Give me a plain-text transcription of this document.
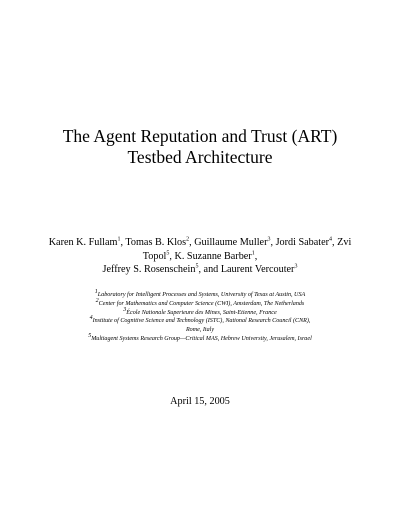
The Agent Reputation and Trust (ART)
Testbed Architecture
Karen K. Fullam$^1$, Tomas B. Klos$^2$, Guillaume Muller$^3$, Jordi Sabater$^4$, Zvi Topol$^5$, K. Suzanne Barber$^1$,
Jeffrey S. Rosenschein$^5$, and Laurent Vercouter$^3$
$^1$Laboratory for Intelligent Processes and Systems, University of Texas at Austin, USA
$^2$Center for Mathematics and Computer Science (CWI), Amsterdam, The Netherlands
$^3$École Nationale Superieure des Mines, Saint-Etienne, France
$^4$Institute of Cognitive Science and Technology (ISTC), National Research Council (CNR),
Rome, Italy
$^5$Multiagent Systems Research Group—Critical MAS, Hebrew University, Jerusalem, Israel
April 15, 2005
